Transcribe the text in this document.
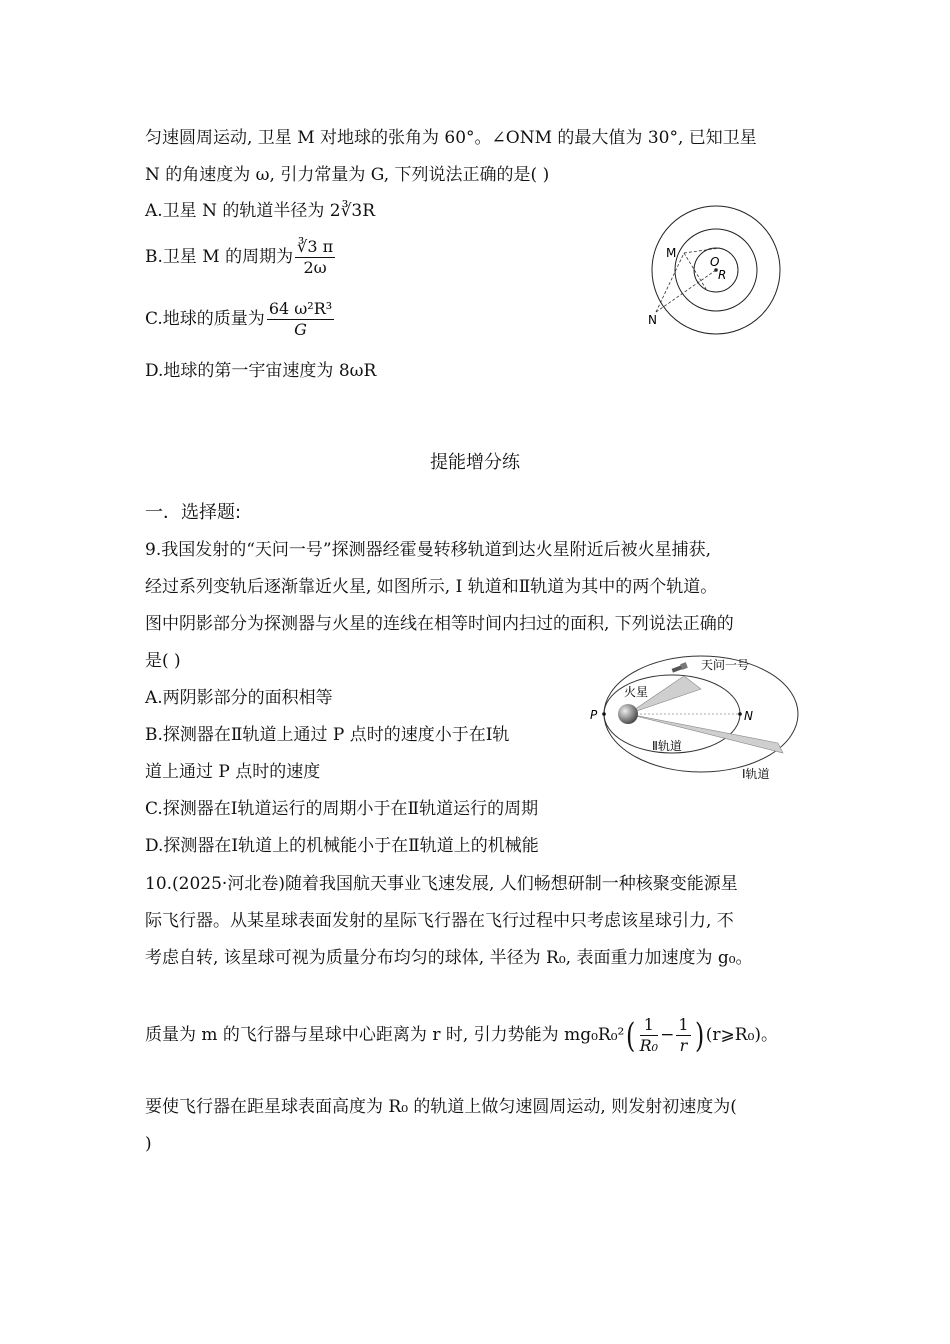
匀速圆周运动, 卫星 M 对地球的张角为 60°。∠ONM 的最大值为 30°, 已知卫星
N 的角速度为 ω, 引力常量为 G, 下列说法正确的是( )
A.卫星 N 的轨道半径为 2∛3R
B.卫星 M 的周期为 $\frac{∛3 \pi}{2\omega}$
C.地球的质量为 $\frac{\text{64 ω²R³}}{G}$
D.地球的第一宇宙速度为 8ωR
M
O
R
N
提能增分练
一．选择题:
9.我国发射的“天问一号”探测器经霍曼转移轨道到达火星附近后被火星捕获,
经过系列变轨后逐渐靠近火星, 如图所示, Ⅰ 轨道和Ⅱ轨道为其中的两个轨道。
图中阴影部分为探测器与火星的连线在相等时间内扫过的面积, 下列说法正确的
是( )
A.两阴影部分的面积相等
B.探测器在Ⅱ轨道上通过 P 点时的速度小于在Ⅰ轨
道上通过 P 点时的速度
C.探测器在Ⅰ轨道运行的周期小于在Ⅱ轨道运行的周期
D.探测器在Ⅰ轨道上的机械能小于在Ⅱ轨道上的机械能
天问一号
火星
P	N
Ⅱ轨道
Ⅰ轨道
10.(2025·河北卷)随着我国航天事业飞速发展, 人们畅想研制一种核聚变能源星
际飞行器。从某星球表面发射的星际飞行器在飞行过程中只考虑该星球引力, 不
考虑自转, 该星球可视为质量分布均匀的球体, 半径为 R₀, 表面重力加速度为 g₀。
质量为 m 的飞行器与星球中心距离为 r 时, 引力势能为 $mg_0R_0^2( \frac{1}{\text{R₀}} - \frac{1}{r}$ ) (r⩾R₀)。
要使飞行器在距星球表面高度为 R₀ 的轨道上做匀速圆周运动, 则发射初速度为(
)
